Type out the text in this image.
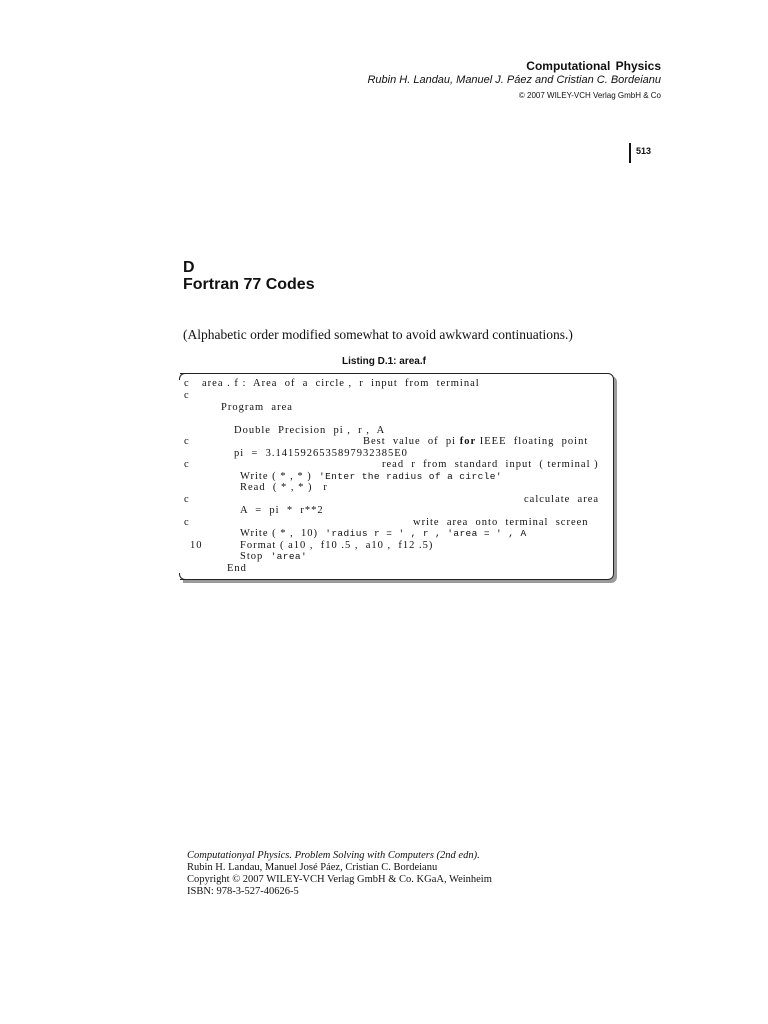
Computational Physics
Rubin H. Landau, Manuel J. Páez and Cristian C. Bordeianu
© 2007 WILEY-VCH Verlag GmbH & Co
513
D
Fortran 77 Codes
(Alphabetic order modified somewhat to avoid awkward continuations.)
Listing D.1: area.f

c

area . f :  Area  of  a  circle ,  r  input  from  terminal

c

Program  area

Double  Precision  pi ,  r ,  A

c

	Best  value  of  pi for IEEE  floating  point

pi  =  3.1415926535897932385E0

c

	read  r  from  standard  input  ( terminal )

Write ( * , * )  'Enter the radius of a circle'

Read  ( * , * )   r

c

	calculate  area

A  =  pi  *  r**2

c

	write  area  onto  terminal  screen

Write ( * ,  10)  'radius r = ' , r , 'area = ' , A

10

	Format ( a10 ,  f10 .5 ,  a10 ,  f12 .5)

Stop  'area'

End

Computationyal Physics. Problem Solving with Computers (2nd edn).
Rubin H. Landau, Manuel José Páez, Cristian C. Bordeianu
Copyright © 2007 WILEY-VCH Verlag GmbH & Co. KGaA, Weinheim
ISBN: 978-3-527-40626-5
